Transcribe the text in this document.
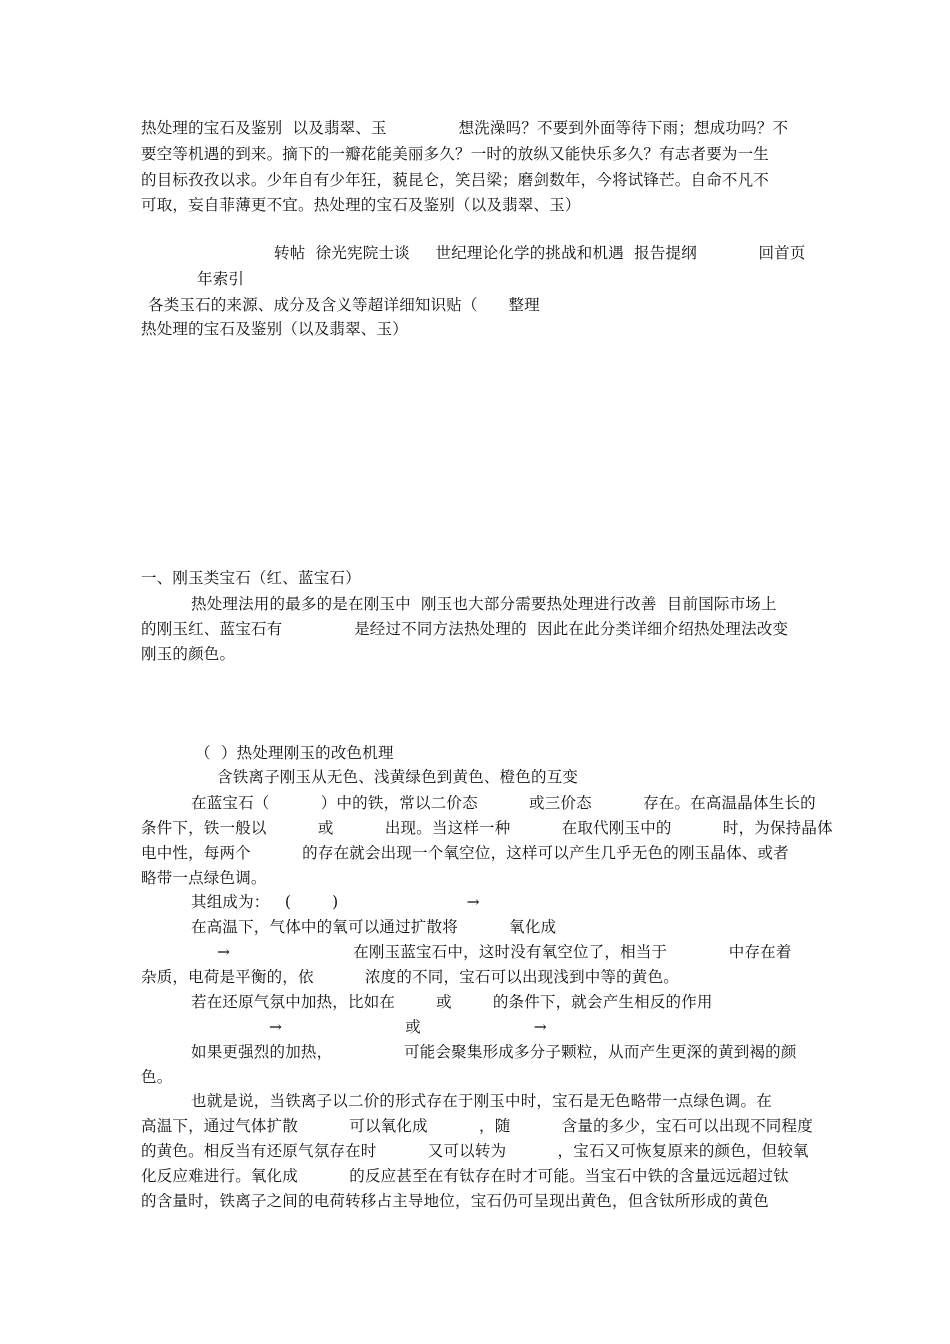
热处理的宝石及鉴别  以及翡翠、玉              想洗澡吗？不要到外面等待下雨；想成功吗？不
要空等机遇的到来。摘下的一瓣花能美丽多久？一时的放纵又能快乐多久？有志者要为一生
的目标孜孜以求。少年自有少年狂，藐昆仑，笑吕梁；磨剑数年，今将试锋芒。自命不凡不
可取，妄自菲薄更不宜。热处理的宝石及鉴别（以及翡翠、玉）
转帖  徐光宪院士谈     世纪理论化学的挑战和机遇  报告提纲            回首页
年索引
各类玉石的来源、成分及含义等超详细知识贴（      整理
热处理的宝石及鉴别（以及翡翠、玉）
一、刚玉类宝石（红、蓝宝石）
热处理法用的最多的是在刚玉中  刚玉也大部分需要热处理进行改善  目前国际市场上
的刚玉红、蓝宝石有              是经过不同方法热处理的  因此在此分类详细介绍热处理法改变
刚玉的颜色。
（  ）热处理刚玉的改色机理
含铁离子刚玉从无色、浅黄绿色到黄色、橙色的互变
在蓝宝石（          ）中的铁，常以二价态          或三价态          存在。在高温晶体生长的
条件下，铁一般以          或          出现。当这样一种          在取代刚玉中的          时，为保持晶体
电中性，每两个          的存在就会出现一个氧空位，这样可以产生几乎无色的刚玉晶体、或者
略带一点绿色调。
其组成为：   (        )                         →
在高温下，气体中的氧可以通过扩散将          氧化成
→                        在刚玉蓝宝石中，这时没有氧空位了，相当于            中存在着
杂质，电荷是平衡的，依          浓度的不同，宝石可以出现浅到中等的黄色。
若在还原气氛中加热，比如在        或        的条件下，就会产生相反的作用
→                        或                      →
如果更强烈的加热，              可能会聚集形成多分子颗粒，从而产生更深的黄到褐的颜
色。
也就是说，当铁离子以二价的形式存在于刚玉中时，宝石是无色略带一点绿色调。在
高温下，通过气体扩散          可以氧化成          ，随          含量的多少，宝石可以出现不同程度
的黄色。相反当有还原气氛存在时          又可以转为          ，宝石又可恢复原来的颜色，但较氧
化反应难进行。氧化成          的反应甚至在有钛存在时才可能。当宝石中铁的含量远远超过钛
的含量时，铁离子之间的电荷转移占主导地位，宝石仍可呈现出黄色，但含钛所形成的黄色
